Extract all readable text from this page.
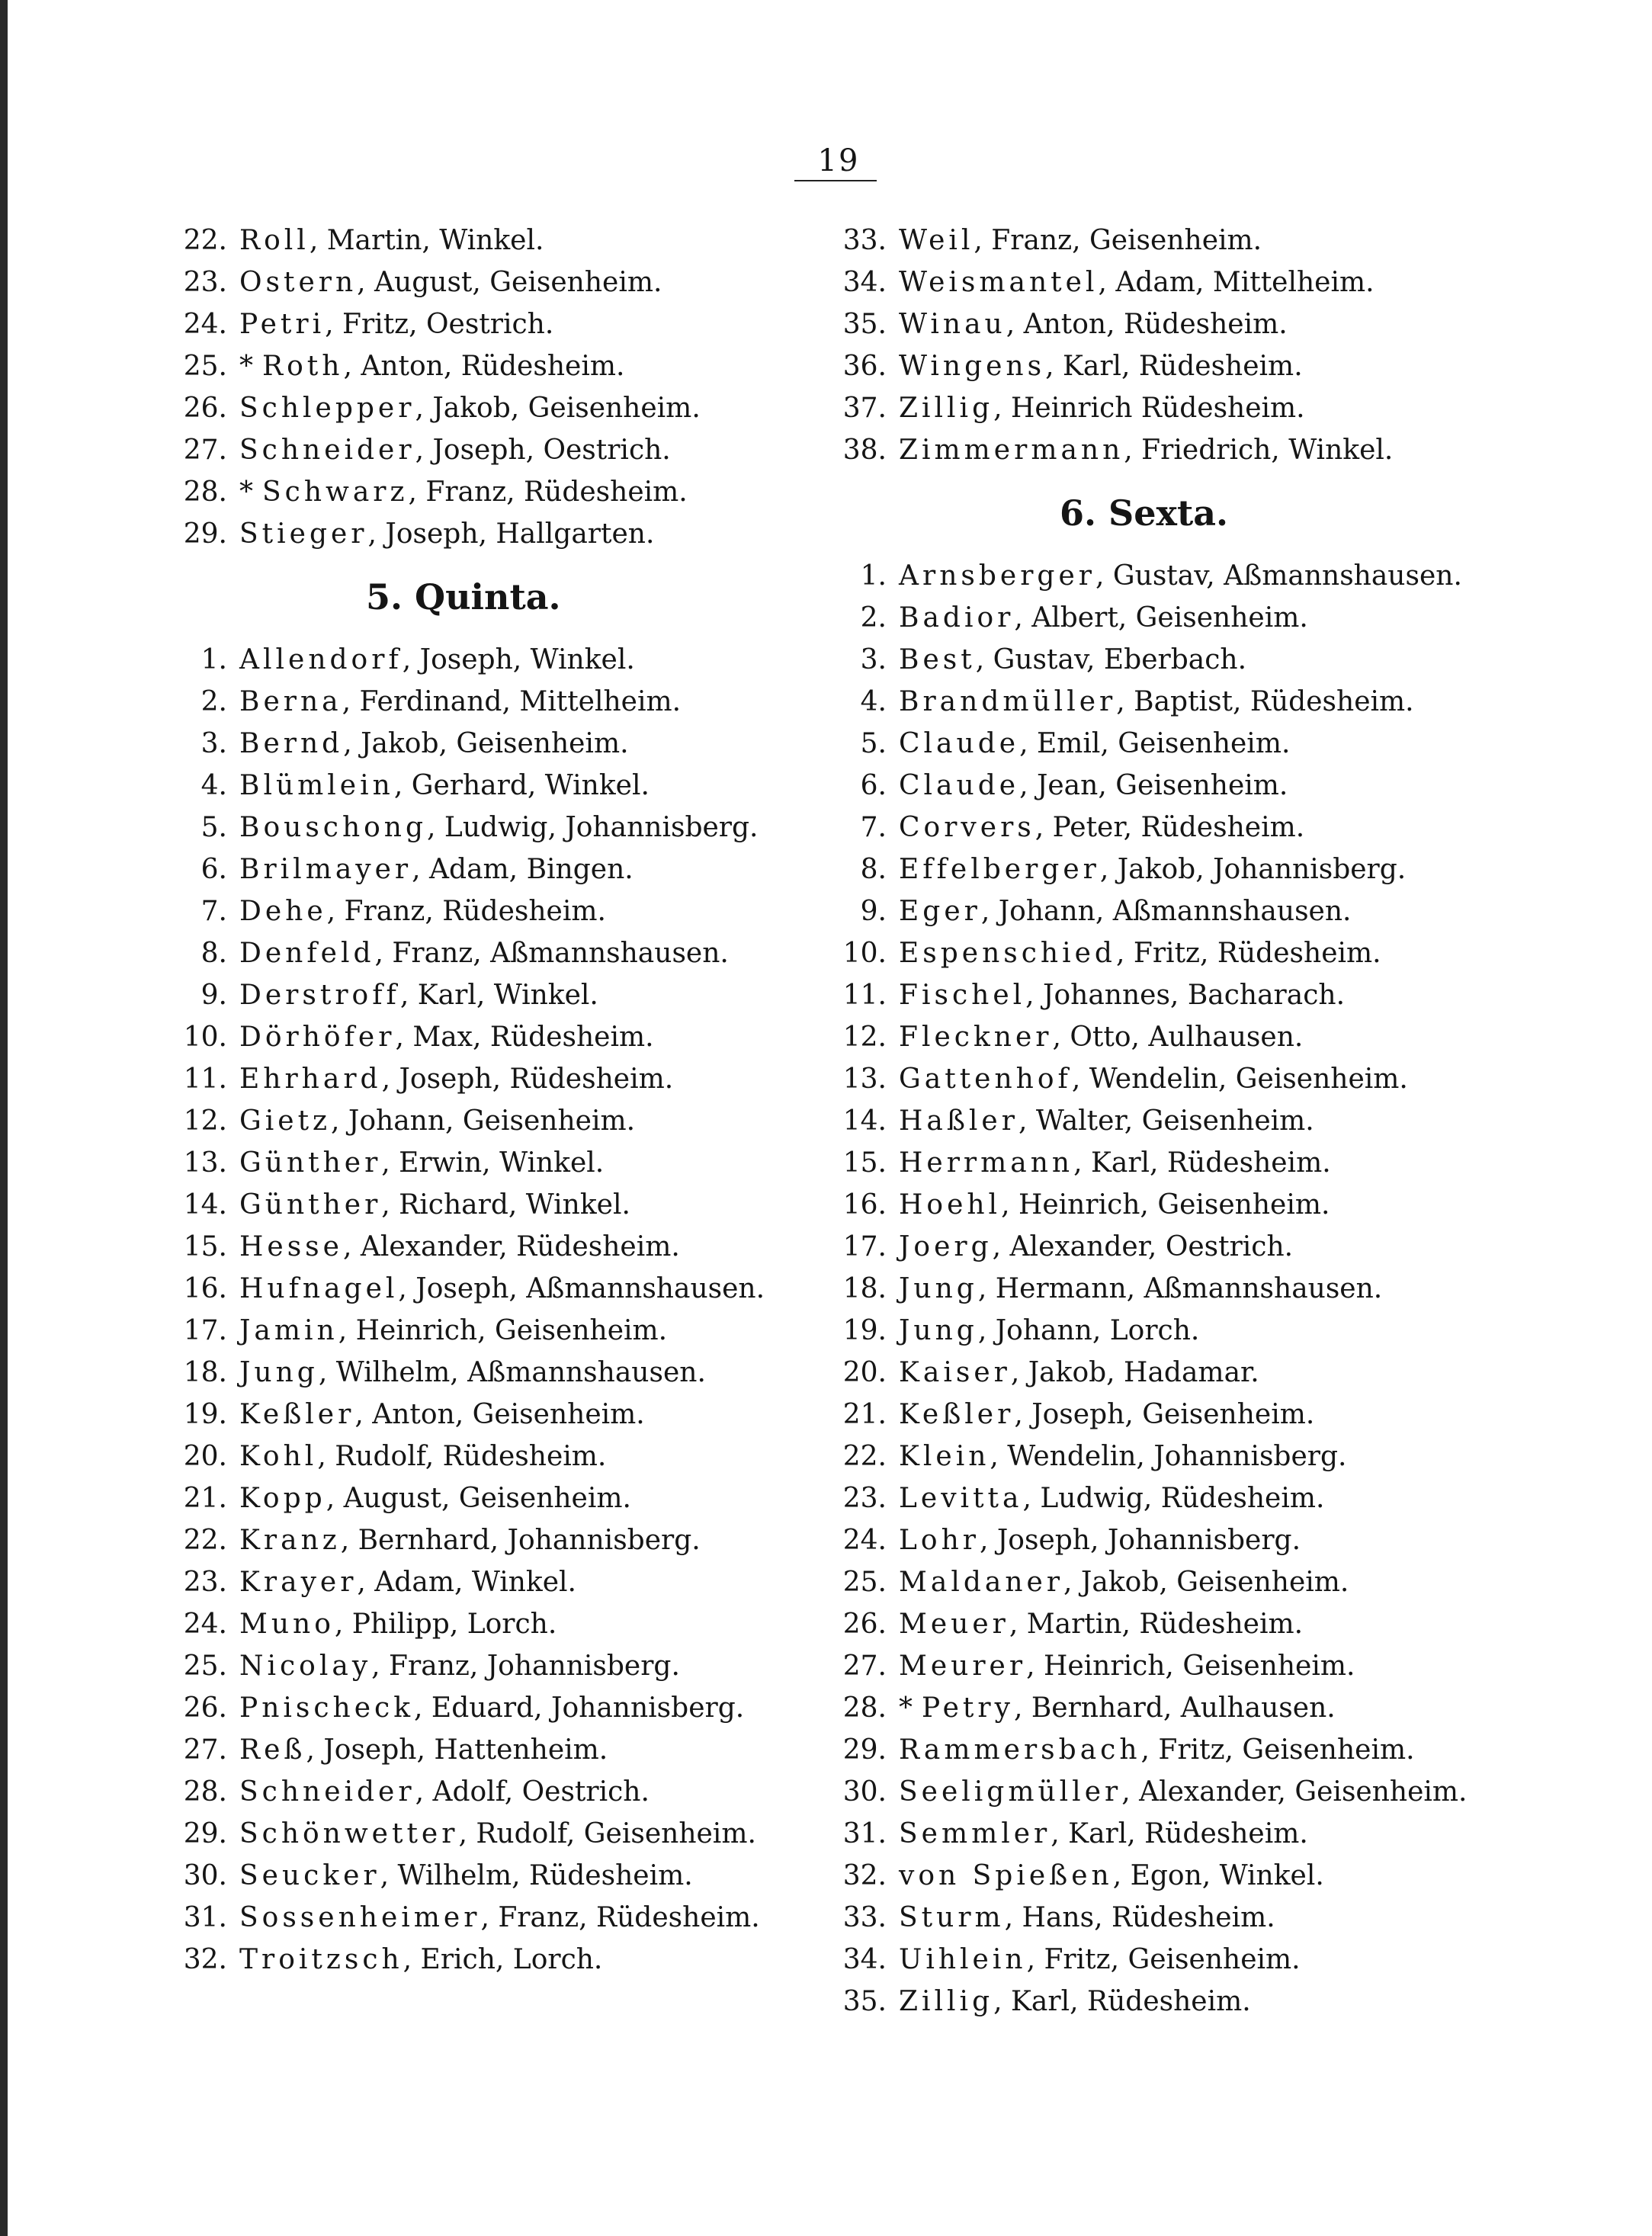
19
22. Roll , Martin, Winkel.
23. Ostern , August, Geisenheim.
24. Petri , Fritz, Oestrich.
25. * Roth , Anton, Rüdesheim.
26. Schlepper , Jakob, Geisenheim.
27. Schneider , Joseph, Oestrich.
28. * Schwarz , Franz, Rüdesheim.
29. Stieger , Joseph, Hallgarten.
5. Quinta.
1. Allendorf , Joseph, Winkel.
2. Berna , Ferdinand, Mittelheim.
3. Bernd , Jakob, Geisenheim.
4. Blümlein , Gerhard, Winkel.
5. Bouschong , Ludwig, Johannisberg.
6. Brilmayer , Adam, Bingen.
7. Dehe , Franz, Rüdesheim.
8. Denfeld , Franz, Aßmannshausen.
9. Derstroff , Karl, Winkel.
10. Dörhöfer , Max, Rüdesheim.
11. Ehrhard , Joseph, Rüdesheim.
12. Gietz , Johann, Geisenheim.
13. Günther , Erwin, Winkel.
14. Günther , Richard, Winkel.
15. Hesse , Alexander, Rüdesheim.
16. Hufnagel , Joseph, Aßmannshausen.
17. Jamin , Heinrich, Geisenheim.
18. Jung , Wilhelm, Aßmannshausen.
19. Keßler , Anton, Geisenheim.
20. Kohl , Rudolf, Rüdesheim.
21. Kopp , August, Geisenheim.
22. Kranz , Bernhard, Johannisberg.
23. Krayer , Adam, Winkel.
24. Muno , Philipp, Lorch.
25. Nicolay , Franz, Johannisberg.
26. Pnischeck , Eduard, Johannisberg.
27. Reß , Joseph, Hattenheim.
28. Schneider , Adolf, Oestrich.
29. Schönwetter , Rudolf, Geisenheim.
30. Seucker , Wilhelm, Rüdesheim.
31. Sossenheimer , Franz, Rüdesheim.
32. Troitzsch , Erich, Lorch.
33. Weil , Franz, Geisenheim.
34. Weismantel , Adam, Mittelheim.
35. Winau , Anton, Rüdesheim.
36. Wingens , Karl, Rüdesheim.
37. Zillig , Heinrich Rüdesheim.
38. Zimmermann , Friedrich, Winkel.
6. Sexta.
1. Arnsberger , Gustav, Aßmannshausen.
2. Badior , Albert, Geisenheim.
3. Best , Gustav, Eberbach.
4. Brandmüller , Baptist, Rüdesheim.
5. Claude , Emil, Geisenheim.
6. Claude , Jean, Geisenheim.
7. Corvers , Peter, Rüdesheim.
8. Effelberger , Jakob, Johannisberg.
9. Eger , Johann, Aßmannshausen.
10. Espenschied , Fritz, Rüdesheim.
11. Fischel , Johannes, Bacharach.
12. Fleckner , Otto, Aulhausen.
13. Gattenhof , Wendelin, Geisenheim.
14. Haßler , Walter, Geisenheim.
15. Herrmann , Karl, Rüdesheim.
16. Hoehl , Heinrich, Geisenheim.
17. Joerg , Alexander, Oestrich.
18. Jung , Hermann, Aßmannshausen.
19. Jung , Johann, Lorch.
20. Kaiser , Jakob, Hadamar.
21. Keßler , Joseph, Geisenheim.
22. Klein , Wendelin, Johannisberg.
23. Levitta , Ludwig, Rüdesheim.
24. Lohr , Joseph, Johannisberg.
25. Maldaner , Jakob, Geisenheim.
26. Meuer , Martin, Rüdesheim.
27. Meurer , Heinrich, Geisenheim.
28. * Petry , Bernhard, Aulhausen.
29. Rammersbach , Fritz, Geisenheim.
30. Seeligmüller , Alexander, Geisenheim.
31. Semmler , Karl, Rüdesheim.
32. von Spießen , Egon, Winkel.
33. Sturm , Hans, Rüdesheim.
34. Uihlein , Fritz, Geisenheim.
35. Zillig , Karl, Rüdesheim.
